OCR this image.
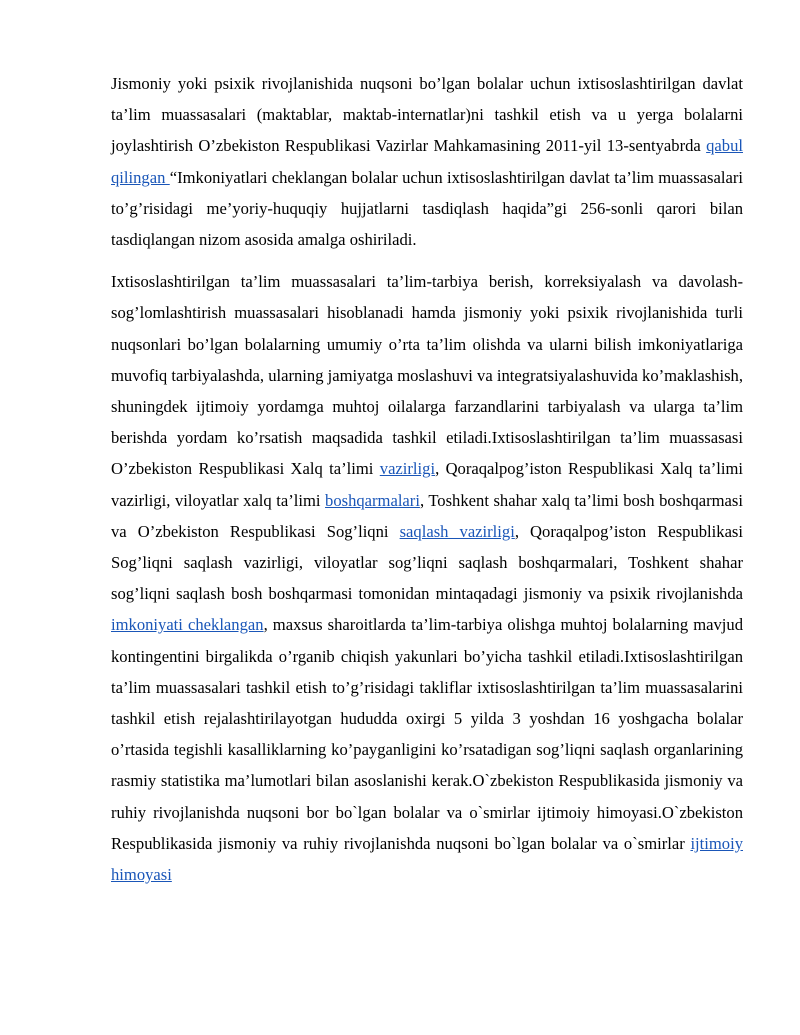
Jismoniy yoki psixik rivojlanishida nuqsoni bo’lgan bolalar uchun ixtisoslashtirilgan davlat ta’lim muassasalari (maktablar, maktab-internatlar)ni tashkil etish va u yerga bolalarni joylashtirish O’zbekiston Respublikasi Vazirlar Mahkamasining 2011-yil 13-sentyabrda qabul qilingan “Imkoniyatlari cheklangan bolalar uchun ixtisoslashtirilgan davlat ta’lim muassasalari to’g’risidagi me’yoriy-huquqiy hujjatlarni tasdiqlash haqida”gi 256-sonli qarori bilan tasdiqlangan nizom asosida amalga oshiriladi.

Ixtisoslashtirilgan ta’lim muassasalari ta’lim-tarbiya berish, korreksiyalash va davolash-sog’lomlashtirish muassasalari hisoblanadi hamda jismoniy yoki psixik rivojlanishida turli nuqsonlari bo’lgan bolalarning umumiy o’rta ta’lim olishda va ularni bilish imkoniyatlariga muvofiq tarbiyalashda, ularning jamiyatga moslashuvi va integratsiyalashuvida ko’maklashish, shuningdek ijtimoiy yordamga muhtoj oilalarga farzandlarini tarbiyalash va ularga ta’lim berishda yordam ko’rsatish maqsadida tashkil etiladi.Ixtisoslashtirilgan ta’lim muassasasi O’zbekiston Respublikasi Xalq ta’limi vazirligi, Qoraqalpog’iston Respublikasi Xalq ta’limi vazirligi, viloyatlar xalq ta’limi boshqarmalari, Toshkent shahar xalq ta’limi bosh boshqarmasi va O’zbekiston Respublikasi Sog’liqni saqlash vazirligi, Qoraqalpog’iston Respublikasi Sog’liqni saqlash vazirligi, viloyatlar sog’liqni saqlash boshqarmalari, Toshkent shahar sog’liqni saqlash bosh boshqarmasi tomonidan mintaqadagi jismoniy va psixik rivojlanishda imkoniyati cheklangan, maxsus sharoitlarda ta’lim-tarbiya olishga muhtoj bolalarning mavjud kontingentini birgalikda o’rganib chiqish yakunlari bo’yicha tashkil etiladi.Ixtisoslashtirilgan ta’lim muassasalari tashkil etish to’g’risidagi takliflar ixtisoslashtirilgan ta’lim muassasalarini tashkil etish rejalashtirilayotgan hududda oxirgi 5 yilda 3 yoshdan 16 yoshgacha bolalar o’rtasida tegishli kasalliklarning ko’payganligini ko’rsatadigan sog’liqni saqlash organlarining rasmiy statistika ma’lumotlari bilan asoslanishi kerak.O`zbekiston Respublikasida jismoniy va ruhiy rivojlanishda nuqsoni bor bo`lgan bolalar va o`smirlar ijtimoiy himoyasi.O`zbekiston Respublikasida jismoniy va ruhiy rivojlanishda nuqsoni bo`lgan bolalar va o`smirlar ijtimoiy himoyasi
